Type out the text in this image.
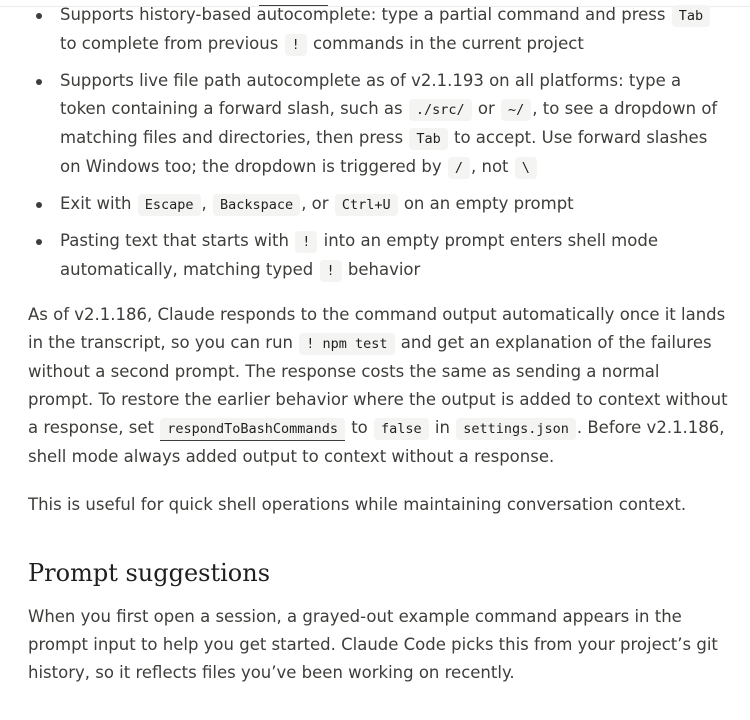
Supports history-based autocomplete: type a partial command and press Tab to complete from previous ! commands in the current project
Supports live file path autocomplete as of v2.1.193 on all platforms: type a token containing a forward slash, such as ./src/ or ~/ , to see a dropdown of matching files and directories, then press Tab to accept. Use forward slashes on Windows too; the dropdown is triggered by / , not \
Exit with Escape , Backspace , or Ctrl+U on an empty prompt
Pasting text that starts with ! into an empty prompt enters shell mode automatically, matching typed ! behavior

As of v2.1.186, Claude responds to the command output automatically once it lands in the transcript, so you can run ! npm test and get an explanation of the failures without a second prompt. The response costs the same as sending a normal prompt. To restore the earlier behavior where the output is added to context without a response, set respondToBashCommands to false in settings.json . Before v2.1.186, shell mode always added output to context without a response.

This is useful for quick shell operations while maintaining conversation context.

Prompt suggestions

When you first open a session, a grayed-out example command appears in the prompt input to help you get started. Claude Code picks this from your project’s git history, so it reflects files you’ve been working on recently.
